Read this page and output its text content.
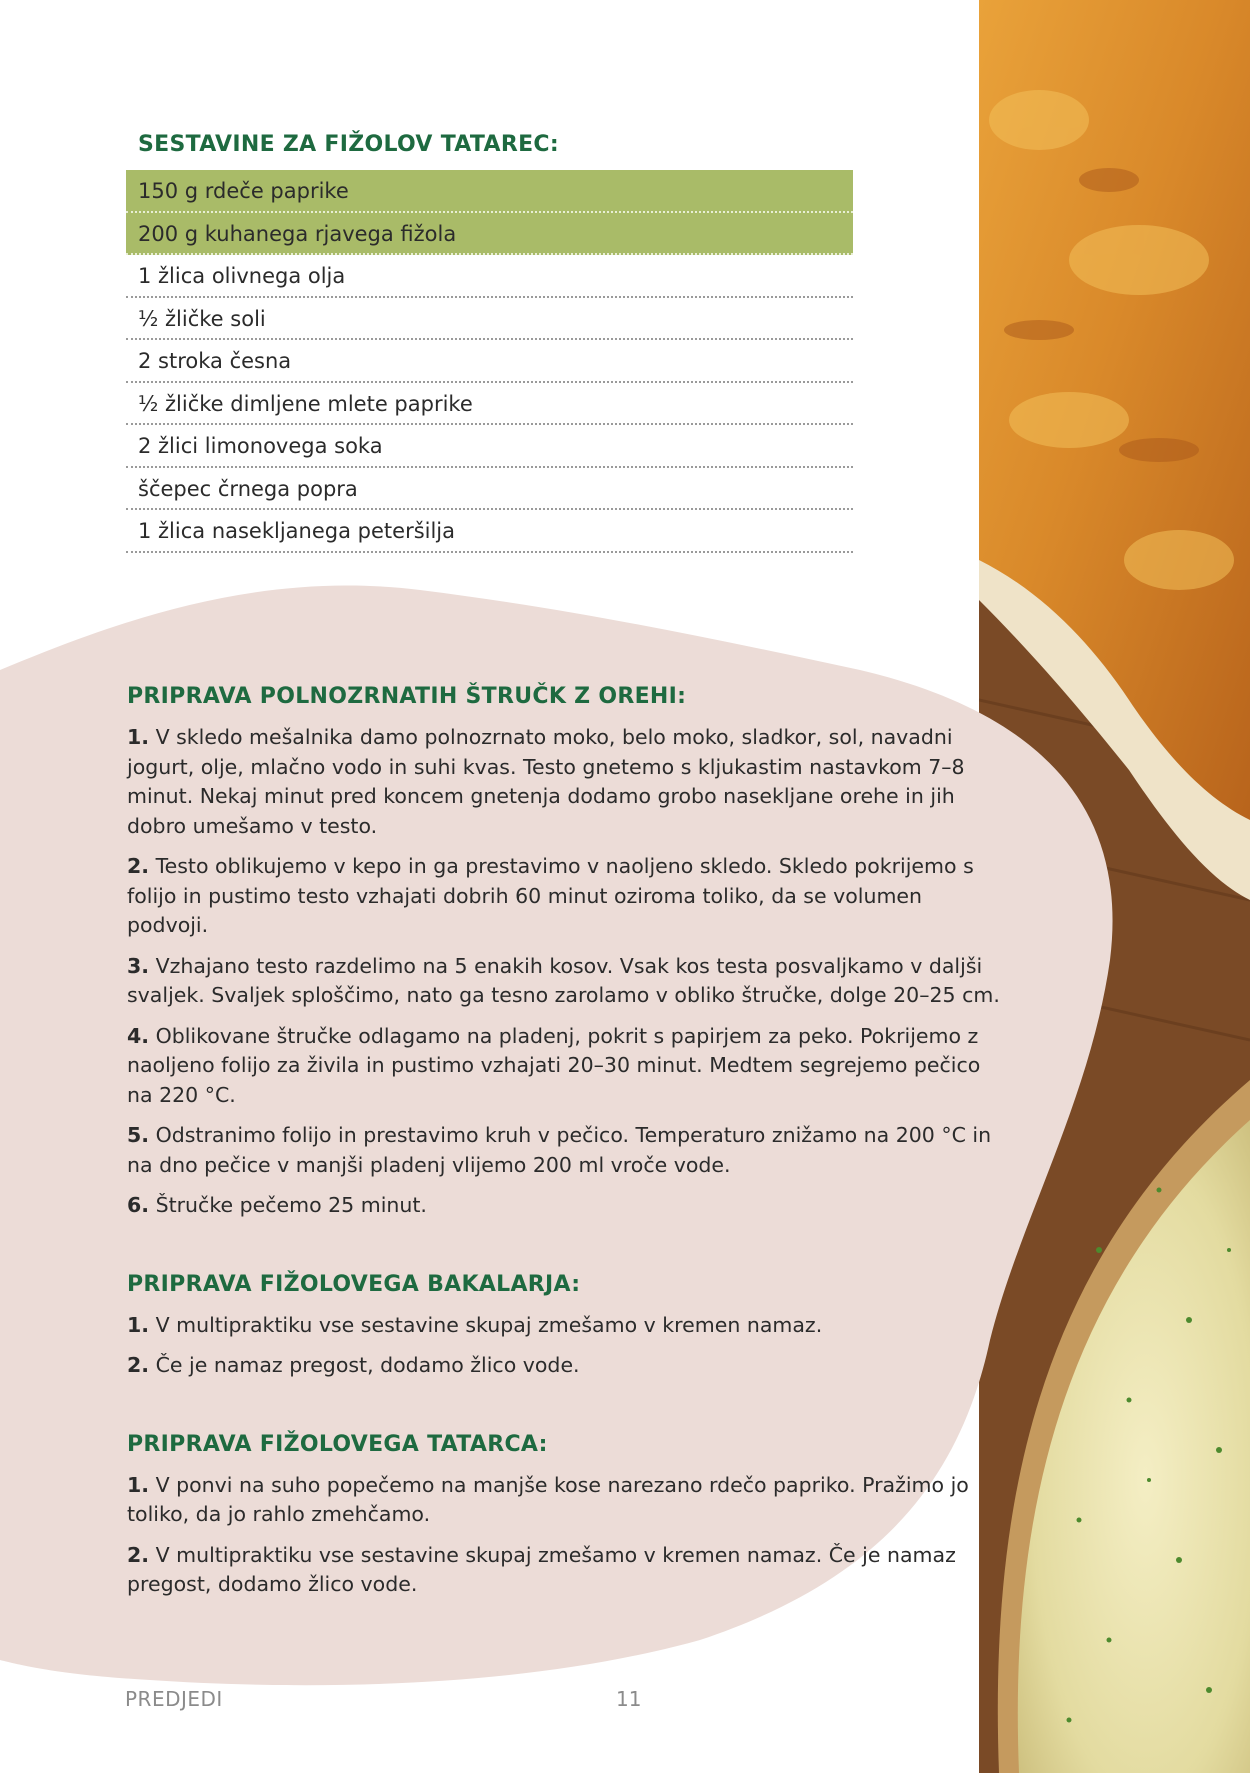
SESTAVINE ZA FIŽOLOV TATAREC:
150 g rdeče paprike
200 g kuhanega rjavega fižola
1 žlica olivnega olja
½ žličke soli
2 stroka česna
½ žličke dimljene mlete paprike
2 žlici limonovega soka
ščepec črnega popra
1 žlica nasekljanega peteršilja
PRIPRAVA POLNOZRNATIH ŠTRUČK Z OREHI:

1. V skledo mešalnika damo polnozrnato moko, belo moko, sladkor, sol, navadni jogurt, olje, mlačno vodo in suhi kvas. Testo gnetemo s kljukastim nastavkom 7–8 minut. Nekaj minut pred koncem gnetenja dodamo grobo nasekljane orehe in jih dobro umešamo v testo.

2. Testo oblikujemo v kepo in ga prestavimo v naoljeno skledo. Skledo pokrijemo s folijo in pustimo testo vzhajati dobrih 60 minut oziroma toliko, da se volumen podvoji.

3. Vzhajano testo razdelimo na 5 enakih kosov. Vsak kos testa posvaljkamo v daljši svaljek. Svaljek sploščimo, nato ga tesno zarolamo v obliko štručke, dolge 20–25 cm.

4. Oblikovane štručke odlagamo na pladenj, pokrit s papirjem za peko. Pokrijemo z naoljeno folijo za živila in pustimo vzhajati 20–30 minut. Medtem segrejemo pečico na 220 °C.

5. Odstranimo folijo in prestavimo kruh v pečico. Temperaturo znižamo na 200 °C in na dno pečice v manjši pladenj vlijemo 200 ml vroče vode.

6. Štručke pečemo 25 minut.

PRIPRAVA FIŽOLOVEGA BAKALARJA:

1. V multipraktiku vse sestavine skupaj zmešamo v kremen namaz.

2. Če je namaz pregost, dodamo žlico vode.

PRIPRAVA FIŽOLOVEGA TATARCA:

1. V ponvi na suho popečemo na manjše kose narezano rdečo papriko. Pražimo jo toliko, da jo rahlo zmehčamo.

2. V multipraktiku vse sestavine skupaj zmešamo v kremen namaz. Če je namaz pregost, dodamo žlico vode.

PREDJEDI	11
